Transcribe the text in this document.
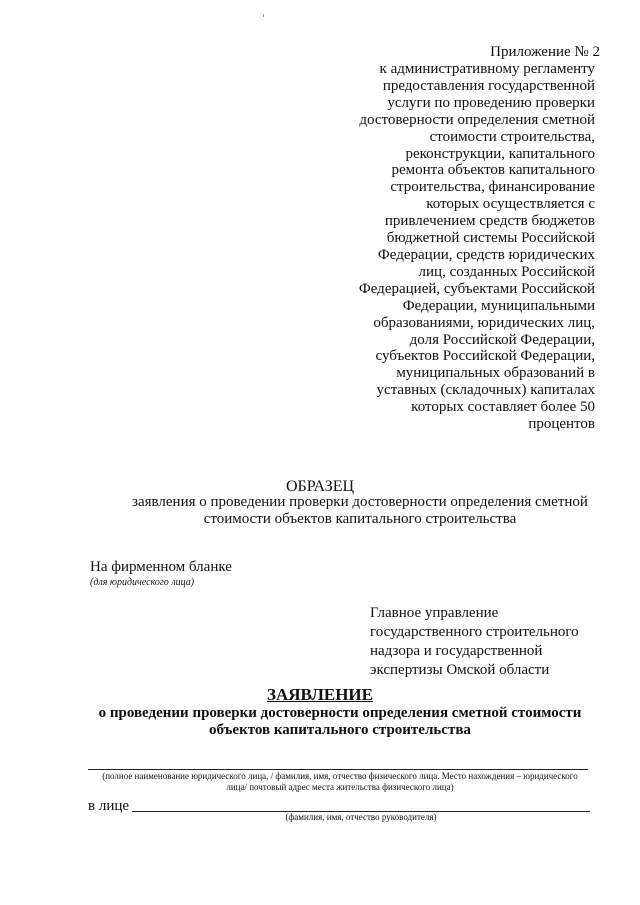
Приложение № 2
к административному регламенту
предоставления государственной
услуги по проведению проверки
достоверности определения сметной
стоимости строительства,
реконструкции, капитального
ремонта объектов капитального
строительства, финансирование
которых осуществляется с
привлечением средств бюджетов
бюджетной системы Российской
Федерации, средств юридических
лиц, созданных Российской
Федерацией, субъектами Российской
Федерации, муниципальными
образованиями, юридических лиц,
доля Российской Федерации,
субъектов Российской Федерации,
муниципальных образований в
уставных (складочных) капиталах
которых составляет более 50
процентов
ОБРАЗЕЦ
заявления о проведении проверки достоверности определения сметной стоимости объектов капитального строительства
На фирменном бланке
(для юридического лица)
Главное управление
государственного строительного
надзора и государственной
экспертизы Омской области
ЗАЯВЛЕНИЕ
о проведении проверки достоверности определения сметной стоимости
объектов капитального строительства
(полное наименование юридического лица, / фамилия, имя, отчество физического лица. Место нахождения – юридического лица/ почтовый адрес места жительства физического лица)
в лице
(фамилия, имя, отчество руководителя)
